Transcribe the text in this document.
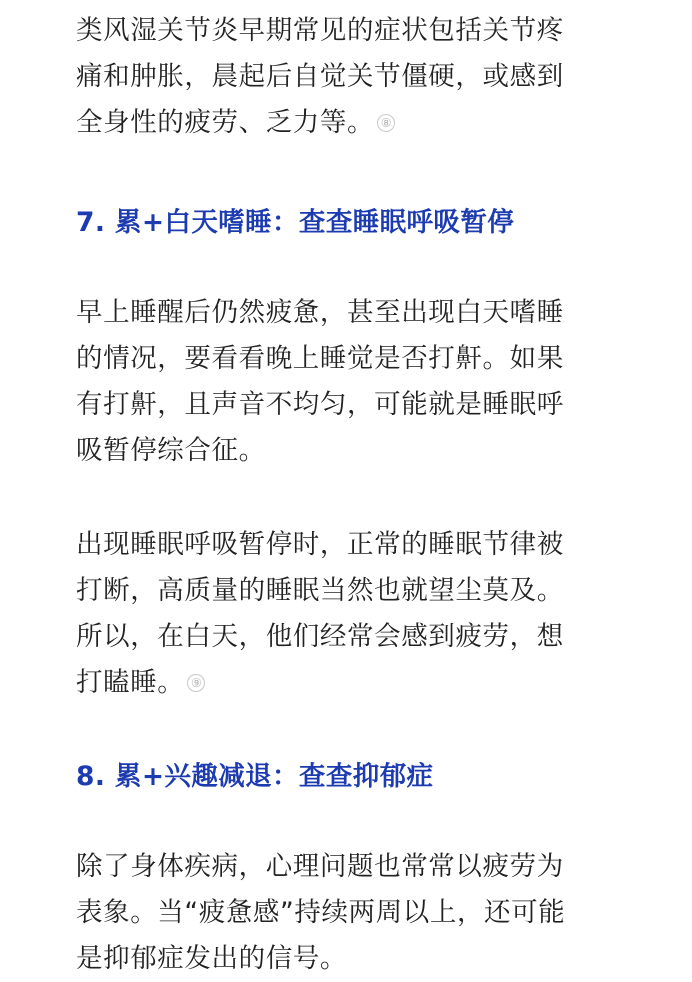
类风湿关节炎早期常见的症状包括关节疼
痛和肿胀，晨起后自觉关节僵硬，或感到
全身性的疲劳、乏力等。 ⑧

7. 累+白天嗜睡：查查睡眠呼吸暂停

早上睡醒后仍然疲惫，甚至出现白天嗜睡
的情况，要看看晚上睡觉是否打鼾。如果
有打鼾，且声音不均匀，可能就是睡眠呼
吸暂停综合征。

出现睡眠呼吸暂停时，正常的睡眠节律被
打断，高质量的睡眠当然也就望尘莫及。
所以，在白天，他们经常会感到疲劳，想
打瞌睡。 ⑨

8. 累+兴趣减退：查查抑郁症

除了身体疾病，心理问题也常常以疲劳为
表象。当“疲惫感”持续两周以上，还可能
是抑郁症发出的信号。
